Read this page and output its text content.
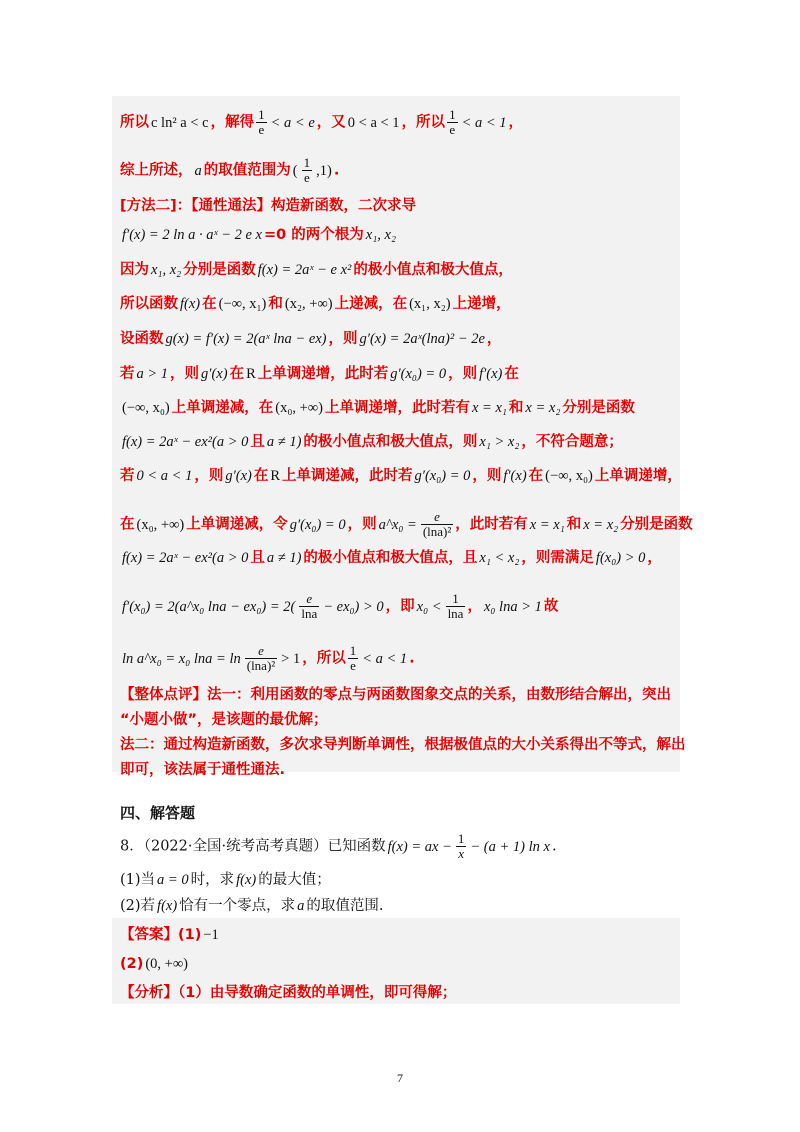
所以 c ln² a < c ，解得 $\frac{1}{e} < a < e$ ，又 0 < a < 1 ，所以 $\frac{1}{e} < a < 1$ ，
综上所述， a 的取值范围为 ( $\frac{1}{e} ,1$) .
[方法二]：【通性通法】构造新函数，二次求导
f′(x) = 2 ln a · aˣ − 2 e x =0 的两个根为 x₁, x₂
因为 x₁, x₂ 分别是函数 f(x) = 2aˣ − e x² 的极小值点和极大值点，
所以函数 f(x) 在 (−∞, x₁) 和 (x₂, +∞) 上递减，在 (x₁, x₂) 上递增，
设函数 g(x) = f′(x) = 2(aˣ lna − ex) ，则 g′(x) = 2aˣ(lna)² − 2e ，
若 a > 1 ，则 g′(x) 在 R 上单调递增，此时若 g′(x₀) = 0 ，则 f′(x) 在
(−∞, x₀) 上单调递减，在 (x₀, +∞) 上单调递增，此时若有 x = x₁ 和 x = x₂ 分别是函数
f(x) = 2aˣ − ex²(a > 0 且 a ≠ 1) 的极小值点和极大值点，则 x₁ > x₂ ，不符合题意；
若 0 < a < 1 ，则 g′(x) 在 R 上单调递减，此时若 g′(x₀) = 0 ，则 f′(x) 在 (−∞, x₀) 上单调递增，
在 (x₀, +∞) 上单调递减，令 g′(x₀) = 0 ，则 a^x₀ = $\frac{e}{\text{(lna)²}}$ ，此时若有 x = x₁ 和 x = x₂ 分别是函数
f(x) = 2aˣ − ex²(a > 0 且 a ≠ 1) 的极小值点和极大值点，且 x₁ < x₂ ，则需满足 f(x₀) > 0 ，
f′(x₀) = 2(a^x₀ $\ln a - ex_0) = 2( \frac{e}{\ln a} - ex_0) > 0$ ，即 $x_0 < \frac{1}{\ln a}$ ， x₀ lna > 1 故
ln a^x₀ = x₀ $\ln a = \ln \frac{e}{\text{(lna)²}} > 1$ ，所以 $\frac{1}{e} < a < 1$ .
【整体点评】法一：利用函数的零点与两函数图象交点的关系，由数形结合解出，突出
“小题小做”，是该题的最优解；
法二：通过构造新函数，多次求导判断单调性，根据极值点的大小关系得出不等式，解出
即可，该法属于通性通法.
四、解答题
8．（2022·全国·统考高考真题）已知函数 f(x) = ax − $\frac{1}{x} - (a + 1)$ ln x .
(1)当 a = 0 时，求 f(x) 的最大值；
(2)若 f(x) 恰有一个零点，求 a 的取值范围.
【答案】(1) −1
(2) (0, +∞)
【分析】（1）由导数确定函数的单调性，即可得解；
7
